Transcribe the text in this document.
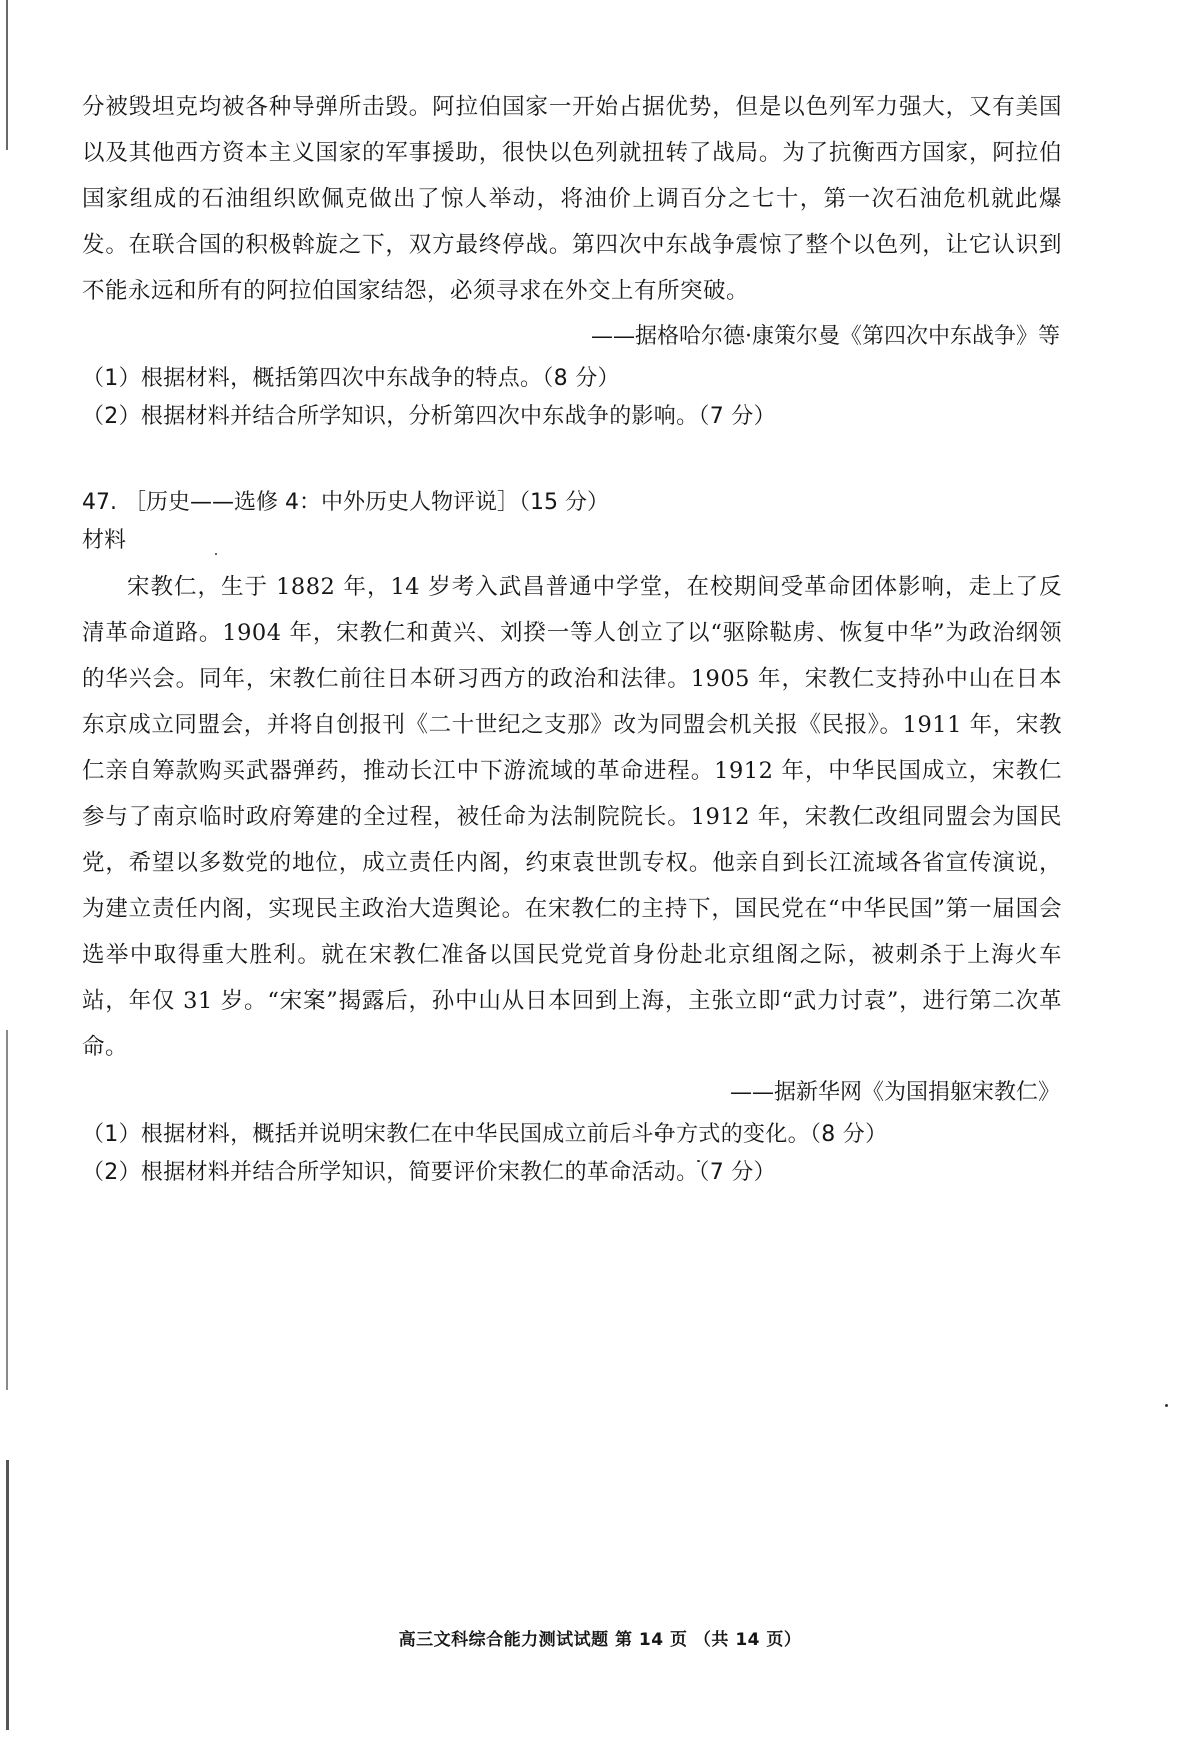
分被毁坦克均被各种导弹所击毁。阿拉伯国家一开始占据优势，但是以色列军力强大，又有美国以及其他西方资本主义国家的军事援助，很快以色列就扭转了战局。为了抗衡西方国家，阿拉伯国家组成的石油组织欧佩克做出了惊人举动，将油价上调百分之七十，第一次石油危机就此爆发。在联合国的积极斡旋之下，双方最终停战。第四次中东战争震惊了整个以色列，让它认识到不能永远和所有的阿拉伯国家结怨，必须寻求在外交上有所突破。

——据格哈尔德·康策尔曼《第四次中东战争》等

（1）根据材料，概括第四次中东战争的特点。（8 分）

（2）根据材料并结合所学知识，分析第四次中东战争的影响。（7 分）

47. ［历史——选修 4：中外历史人物评说］（15 分）

材料

宋教仁，生于 1882 年，14 岁考入武昌普通中学堂，在校期间受革命团体影响，走上了反清革命道路。1904 年，宋教仁和黄兴、刘揆一等人创立了以“驱除鞑虏、恢复中华”为政治纲领的华兴会。同年，宋教仁前往日本研习西方的政治和法律。1905 年，宋教仁支持孙中山在日本东京成立同盟会，并将自创报刊《二十世纪之支那》改为同盟会机关报《民报》。1911 年，宋教仁亲自筹款购买武器弹药，推动长江中下游流域的革命进程。1912 年，中华民国成立，宋教仁参与了南京临时政府筹建的全过程，被任命为法制院院长。1912 年，宋教仁改组同盟会为国民党，希望以多数党的地位，成立责任内阁，约束袁世凯专权。他亲自到长江流域各省宣传演说，为建立责任内阁，实现民主政治大造舆论。在宋教仁的主持下，国民党在“中华民国”第一届国会选举中取得重大胜利。就在宋教仁准备以国民党党首身份赴北京组阁之际，被刺杀于上海火车站，年仅 31 岁。“宋案”揭露后，孙中山从日本回到上海，主张立即“武力讨袁”，进行第二次革命。

——据新华网《为国捐躯宋教仁》

（1）根据材料，概括并说明宋教仁在中华民国成立前后斗争方式的变化。（8 分）

（2）根据材料并结合所学知识，简要评价宋教仁的革命活动。（7 分）

高三文科综合能力测试试题 第 14 页 （共 14 页）
